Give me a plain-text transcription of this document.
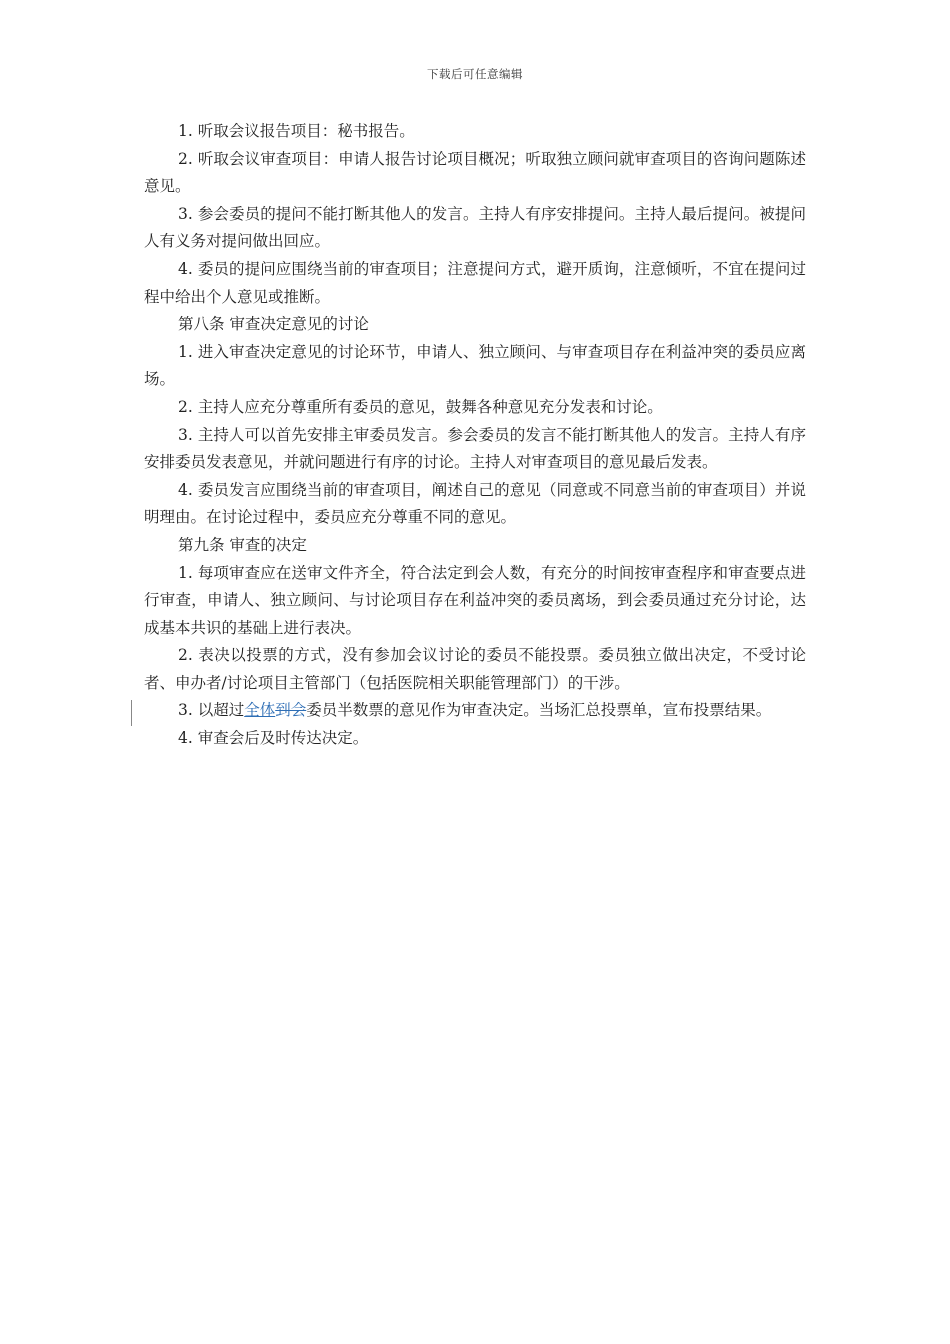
下载后可任意编辑

1. 听取会议报告项目：秘书报告。

2. 听取会议审查项目：申请人报告讨论项目概况；听取独立顾问就审查项目的咨询问题陈述意见。

3. 参会委员的提问不能打断其他人的发言。主持人有序安排提问。主持人最后提问。被提问人有义务对提问做出回应。

4. 委员的提问应围绕当前的审查项目；注意提问方式，避开质询，注意倾听，不宜在提问过程中给出个人意见或推断。

第八条 审查决定意见的讨论

1. 进入审查决定意见的讨论环节，申请人、独立顾问、与审查项目存在利益冲突的委员应离场。

2. 主持人应充分尊重所有委员的意见，鼓舞各种意见充分发表和讨论。

3. 主持人可以首先安排主审委员发言。参会委员的发言不能打断其他人的发言。主持人有序安排委员发表意见，并就问题进行有序的讨论。主持人对审查项目的意见最后发表。

4. 委员发言应围绕当前的审查项目，阐述自己的意见（同意或不同意当前的审查项目）并说明理由。在讨论过程中，委员应充分尊重不同的意见。

第九条 审查的决定

1. 每项审查应在送审文件齐全，符合法定到会人数，有充分的时间按审查程序和审查要点进行审查，申请人、独立顾问、与讨论项目存在利益冲突的委员离场，到会委员通过充分讨论，达成基本共识的基础上进行表决。

2. 表决以投票的方式，没有参加会议讨论的委员不能投票。委员独立做出决定，不受讨论者、申办者/讨论项目主管部门（包括医院相关职能管理部门）的干涉。

3. 以超过全体到会委员半数票的意见作为审查决定。当场汇总投票单，宣布投票结果。

4. 审查会后及时传达决定。
